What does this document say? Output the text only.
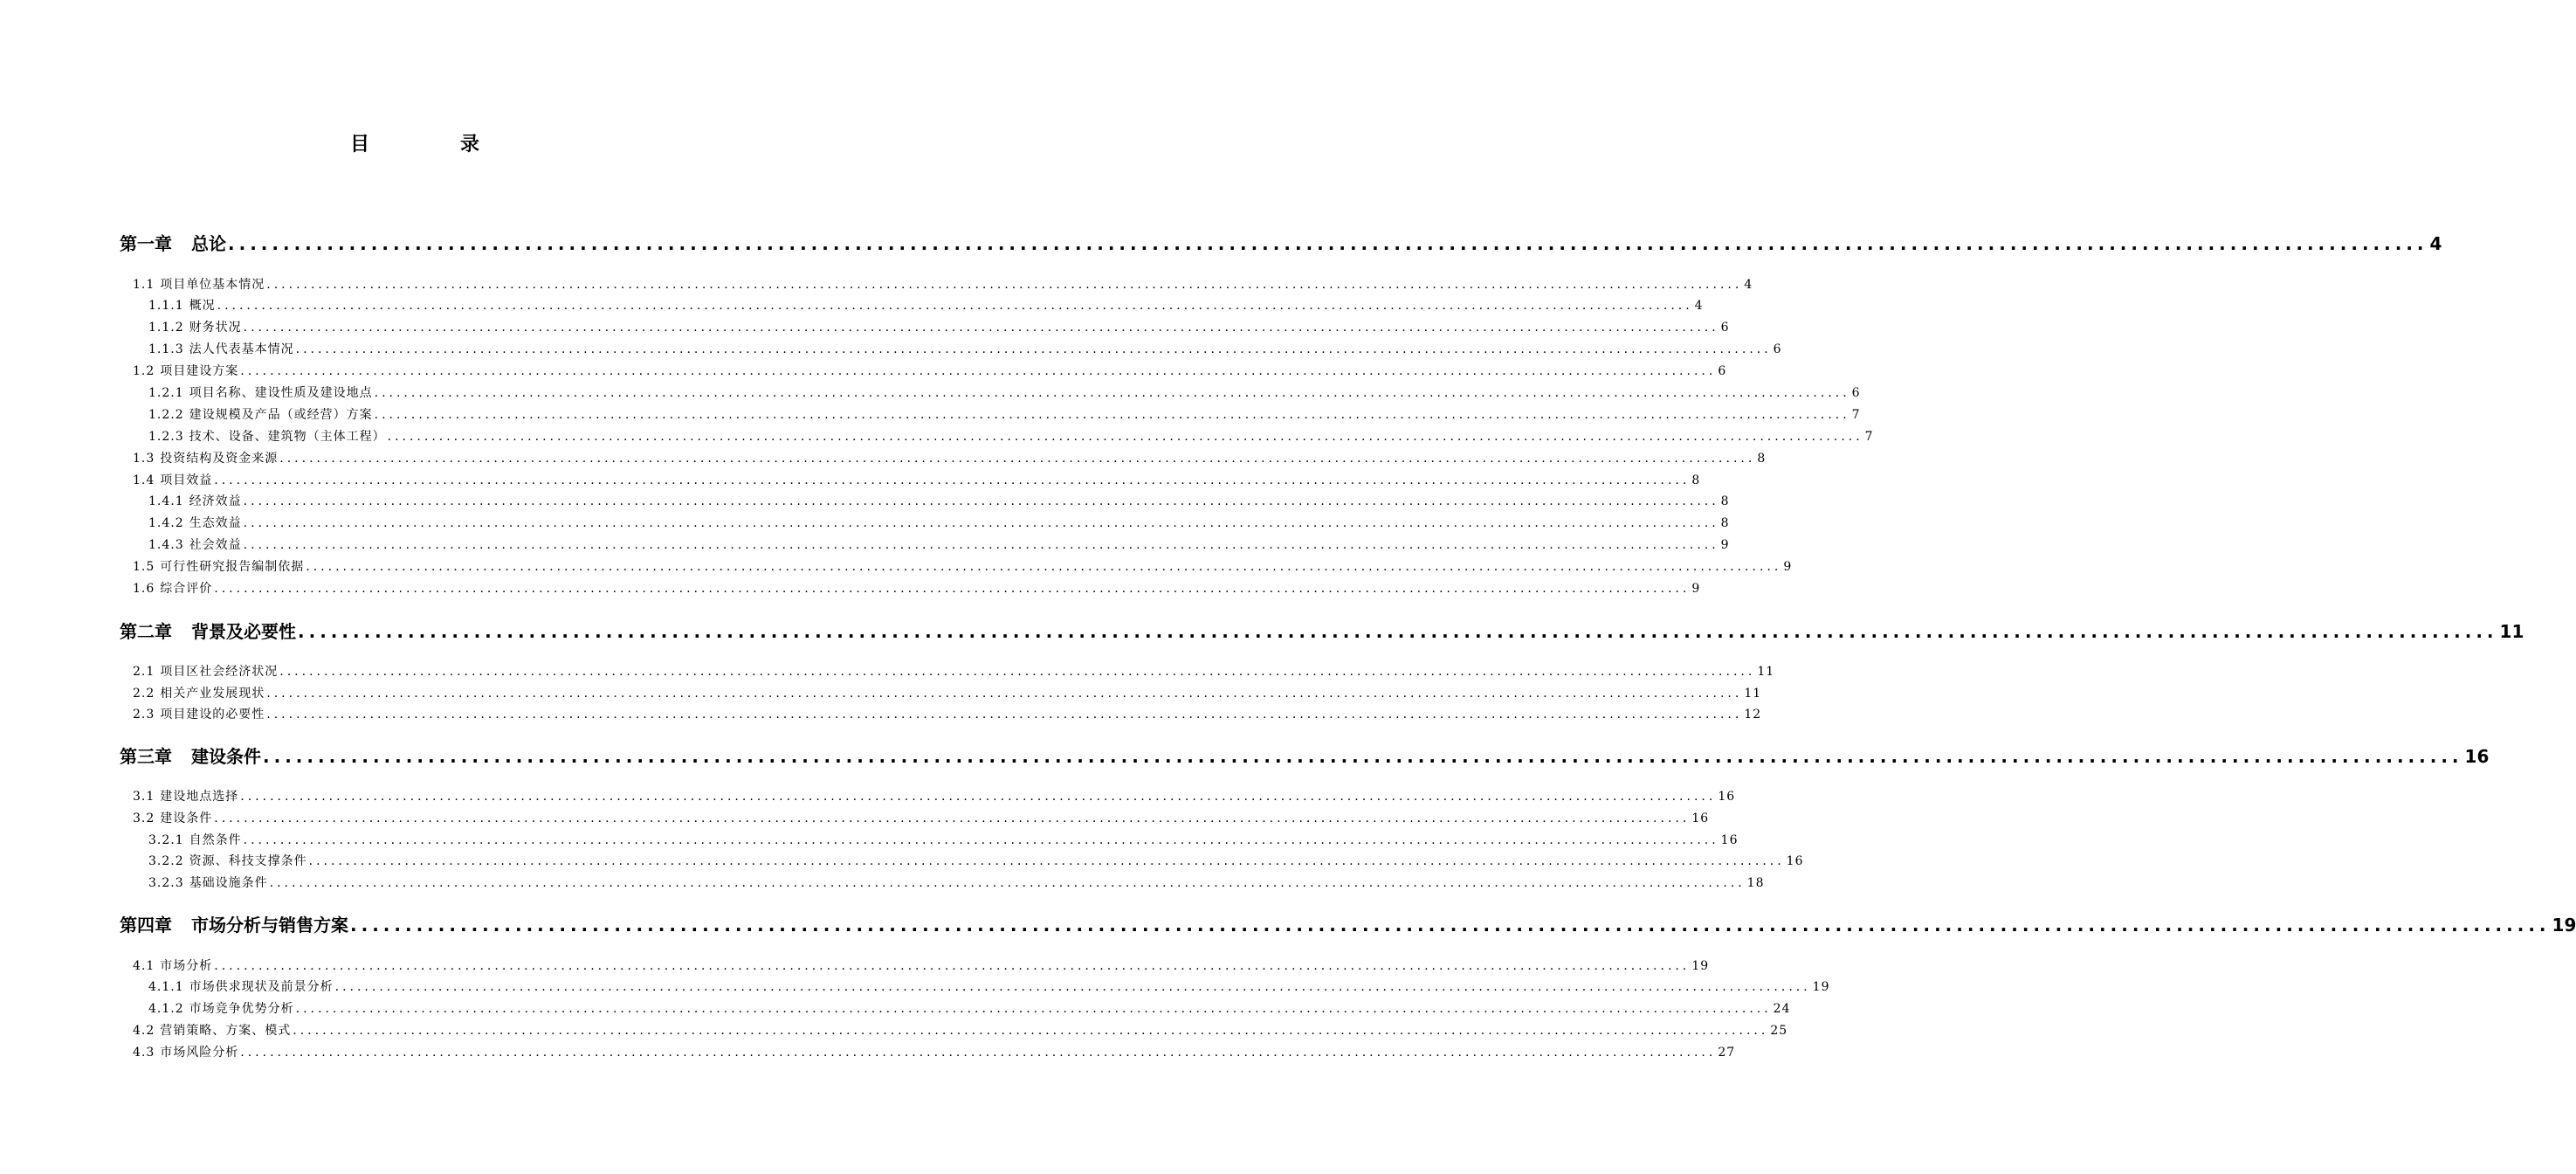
目 录
第一章 总论 ........................................................................................................................................................................................................ 4
1.1 项目单位基本情况 ........................................................................................................................................................................................................ 4
1.1.1 概况 ........................................................................................................................................................................................................ 4
1.1.2 财务状况 ........................................................................................................................................................................................................ 6
1.1.3 法人代表基本情况 ........................................................................................................................................................................................................ 6
1.2 项目建设方案 ........................................................................................................................................................................................................ 6
1.2.1 项目名称、建设性质及建设地点 ........................................................................................................................................................................................................ 6
1.2.2 建设规模及产品（或经营）方案 ........................................................................................................................................................................................................ 7
1.2.3 技术、设备、建筑物（主体工程） ........................................................................................................................................................................................................ 7
1.3 投资结构及资金来源 ........................................................................................................................................................................................................ 8
1.4 项目效益 ........................................................................................................................................................................................................ 8
1.4.1 经济效益 ........................................................................................................................................................................................................ 8
1.4.2 生态效益 ........................................................................................................................................................................................................ 8
1.4.3 社会效益 ........................................................................................................................................................................................................ 9
1.5 可行性研究报告编制依据 ........................................................................................................................................................................................................ 9
1.6 综合评价 ........................................................................................................................................................................................................ 9
第二章 背景及必要性 ........................................................................................................................................................................................................ 11
2.1 项目区社会经济状况 ........................................................................................................................................................................................................ 11
2.2 相关产业发展现状 ........................................................................................................................................................................................................ 11
2.3 项目建设的必要性 ........................................................................................................................................................................................................ 12
第三章 建设条件 ........................................................................................................................................................................................................ 16
3.1 建设地点选择 ........................................................................................................................................................................................................ 16
3.2 建设条件 ........................................................................................................................................................................................................ 16
3.2.1 自然条件 ........................................................................................................................................................................................................ 16
3.2.2 资源、科技支撑条件 ........................................................................................................................................................................................................ 16
3.2.3 基础设施条件 ........................................................................................................................................................................................................ 18
第四章 市场分析与销售方案 ........................................................................................................................................................................................................ 19
4.1 市场分析 ........................................................................................................................................................................................................ 19
4.1.1 市场供求现状及前景分析 ........................................................................................................................................................................................................ 19
4.1.2 市场竞争优势分析 ........................................................................................................................................................................................................ 24
4.2 营销策略、方案、模式 ........................................................................................................................................................................................................ 25
4.3 市场风险分析 ........................................................................................................................................................................................................ 27
